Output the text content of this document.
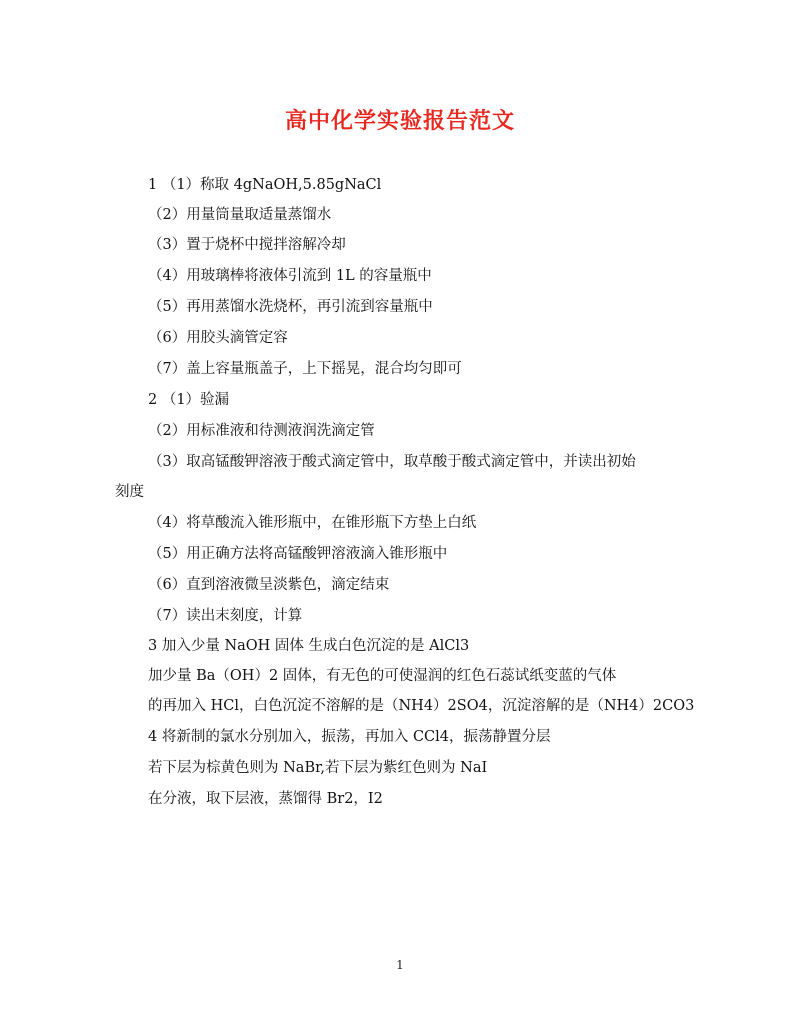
高中化学实验报告范文
1 （1）称取 4gNaOH,5.85gNaCl
（2）用量筒量取适量蒸馏水
（3）置于烧杯中搅拌溶解冷却
（4）用玻璃棒将液体引流到 1L 的容量瓶中
（5）再用蒸馏水洗烧杯，再引流到容量瓶中
（6）用胶头滴管定容
（7）盖上容量瓶盖子，上下摇晃，混合均匀即可
2 （1）验漏
（2）用标准液和待测液润洗滴定管
（3）取高锰酸钾溶液于酸式滴定管中，取草酸于酸式滴定管中，并读出初始
刻度
（4）将草酸流入锥形瓶中，在锥形瓶下方垫上白纸
（5）用正确方法将高锰酸钾溶液滴入锥形瓶中
（6）直到溶液微呈淡紫色，滴定结束
（7）读出末刻度，计算
3 加入少量 NaOH 固体 生成白色沉淀的是 AlCl3
加少量 Ba（OH）2 固体，有无色的可使湿润的红色石蕊试纸变蓝的气体
的再加入 HCl，白色沉淀不溶解的是（NH4）2SO4，沉淀溶解的是（NH4）2CO3
4 将新制的氯水分别加入，振荡，再加入 CCl4，振荡静置分层
若下层为棕黄色则为 NaBr,若下层为紫红色则为 NaI
在分液，取下层液，蒸馏得 Br2，I2
1
